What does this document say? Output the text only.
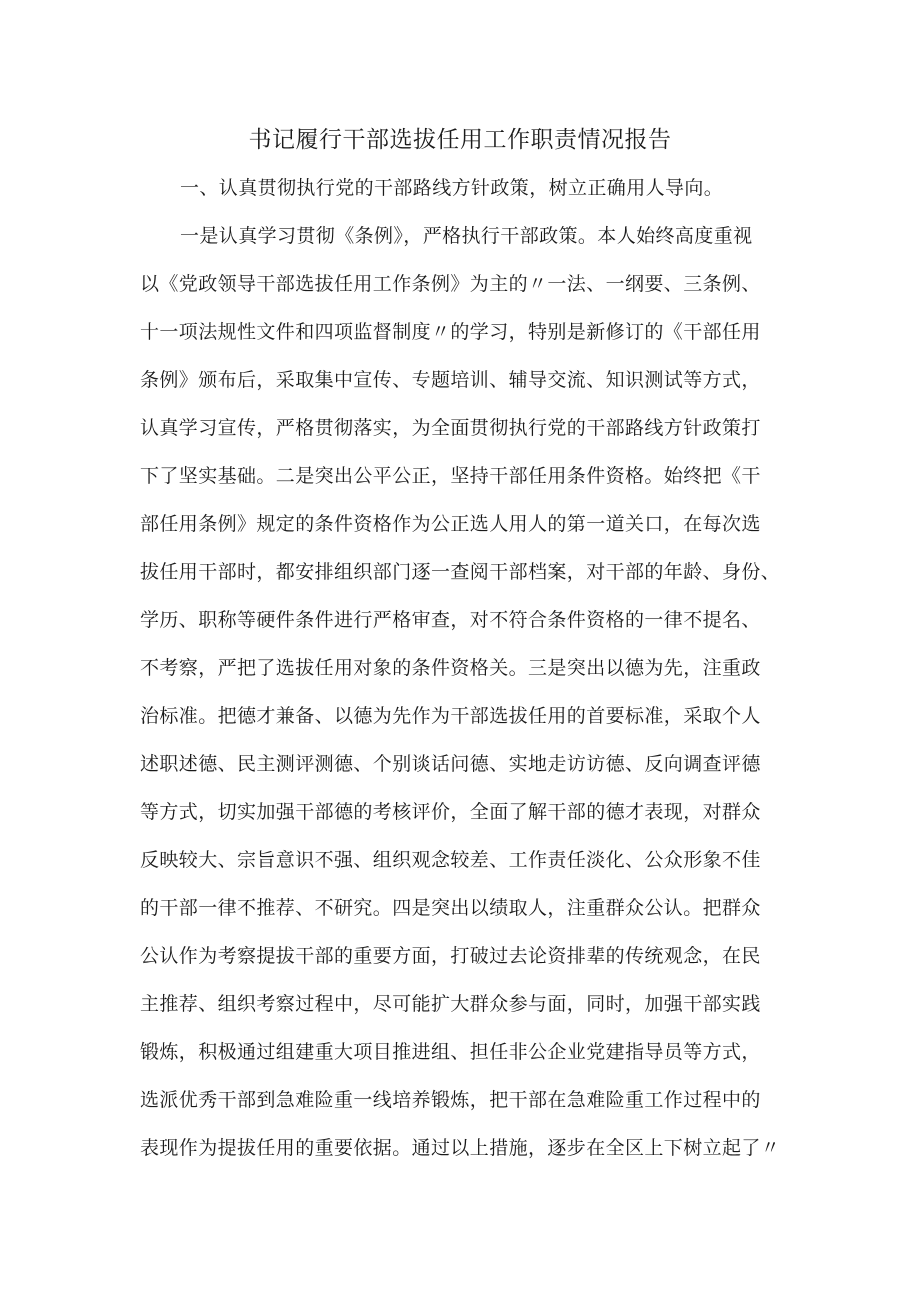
书记履行干部选拔任用工作职责情况报告
一、认真贯彻执行党的干部路线方针政策，树立正确用人导向。
一是认真学习贯彻《条例》，严格执行干部政策。本人始终高度重视
以《党政领导干部选拔任用工作条例》为主的〃一法、一纲要、三条例、
十一项法规性文件和四项监督制度〃的学习，特别是新修订的《干部任用
条例》颁布后，采取集中宣传、专题培训、辅导交流、知识测试等方式，
认真学习宣传，严格贯彻落实，为全面贯彻执行党的干部路线方针政策打
下了坚实基础。二是突出公平公正，坚持干部任用条件资格。始终把《干
部任用条例》规定的条件资格作为公正选人用人的第一道关口，在每次选
拔任用干部时，都安排组织部门逐一查阅干部档案，对干部的年龄、身份、
学历、职称等硬件条件进行严格审查，对不符合条件资格的一律不提名、
不考察，严把了选拔任用对象的条件资格关。三是突出以德为先，注重政
治标准。把德才兼备、以德为先作为干部选拔任用的首要标准，采取个人
述职述德、民主测评测德、个别谈话问德、实地走访访德、反向调查评德
等方式，切实加强干部德的考核评价，全面了解干部的德才表现，对群众
反映较大、宗旨意识不强、组织观念较差、工作责任淡化、公众形象不佳
的干部一律不推荐、不研究。四是突出以绩取人，注重群众公认。把群众
公认作为考察提拔干部的重要方面，打破过去论资排辈的传统观念，在民
主推荐、组织考察过程中，尽可能扩大群众参与面，同时，加强干部实践
锻炼，积极通过组建重大项目推进组、担任非公企业党建指导员等方式，
选派优秀干部到急难险重一线培养锻炼，把干部在急难险重工作过程中的
表现作为提拔任用的重要依据。通过以上措施，逐步在全区上下树立起了〃
